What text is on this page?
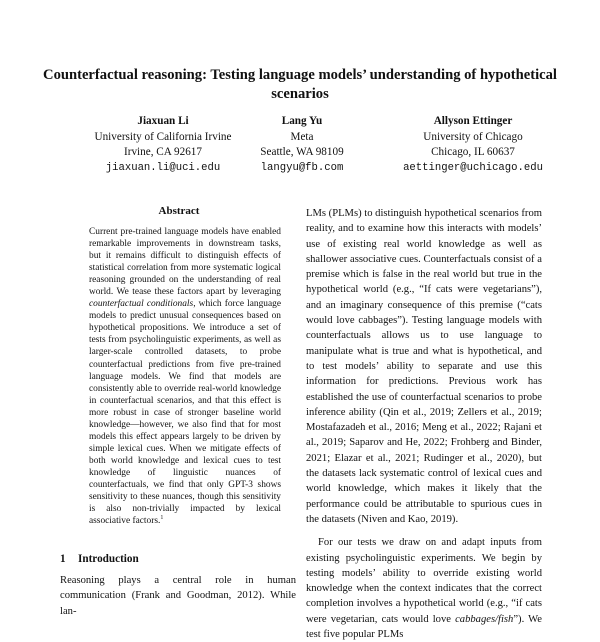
Counterfactual reasoning: Testing language models’ understanding of hypothetical scenarios
Jiaxuan Li
University of California Irvine
Irvine, CA 92617
jiaxuan.li@uci.edu
Lang Yu
Meta
Seattle, WA 98109
langyu@fb.com
Allyson Ettinger
University of Chicago
Chicago, IL 60637
aettinger@uchicago.edu
Abstract
Current pre-trained language models have enabled remarkable improvements in downstream tasks, but it remains difficult to distinguish effects of statistical correlation from more systematic logical reasoning grounded on the understanding of real world. We tease these factors apart by leveraging counterfactual conditionals, which force language models to predict unusual consequences based on hypothetical propositions. We introduce a set of tests from psycholinguistic experiments, as well as larger-scale controlled datasets, to probe counterfactual predictions from five pre-trained language models. We find that models are consistently able to override real-world knowledge in counterfactual scenarios, and that this effect is more robust in case of stronger baseline world knowledge—however, we also find that for most models this effect appears largely to be driven by simple lexical cues. When we mitigate effects of both world knowledge and lexical cues to test knowledge of linguistic nuances of counterfactuals, we find that only GPT-3 shows sensitivity to these nuances, though this sensitivity is also non-trivially impacted by lexical associative factors.$^1$
1 Introduction
Reasoning plays a central role in human communication (Frank and Goodman, 2012). While lan-

LMs (PLMs) to distinguish hypothetical scenarios from reality, and to examine how this interacts with models’ use of existing real world knowledge as well as shallower associative cues. Counterfactuals consist of a premise which is false in the real world but true in the hypothetical world (e.g., “If cats were vegetarians”), and an imaginary consequence of this premise (“cats would love cabbages”). Testing language models with counterfactuals allows us to use language to manipulate what is true and what is hypothetical, and to test models’ ability to separate and use this information for predictions. Previous work has established the use of counterfactual scenarios to probe inference ability (Qin et al., 2019; Zellers et al., 2019; Mostafazadeh et al., 2016; Meng et al., 2022; Rajani et al., 2019; Saparov and He, 2022; Frohberg and Binder, 2021; Elazar et al., 2021; Rudinger et al., 2020), but the datasets lack systematic control of lexical cues and world knowledge, which makes it likely that the performance could be attributable to spurious cues in the datasets (Niven and Kao, 2019).

For our tests we draw on and adapt inputs from existing psycholinguistic experiments. We begin by testing models’ ability to override existing world knowledge when the context indicates that the correct completion involves a hypothetical world (e.g., “if cats were vegetarian, cats would love cabbages/fish”). We test five popular PLMs
